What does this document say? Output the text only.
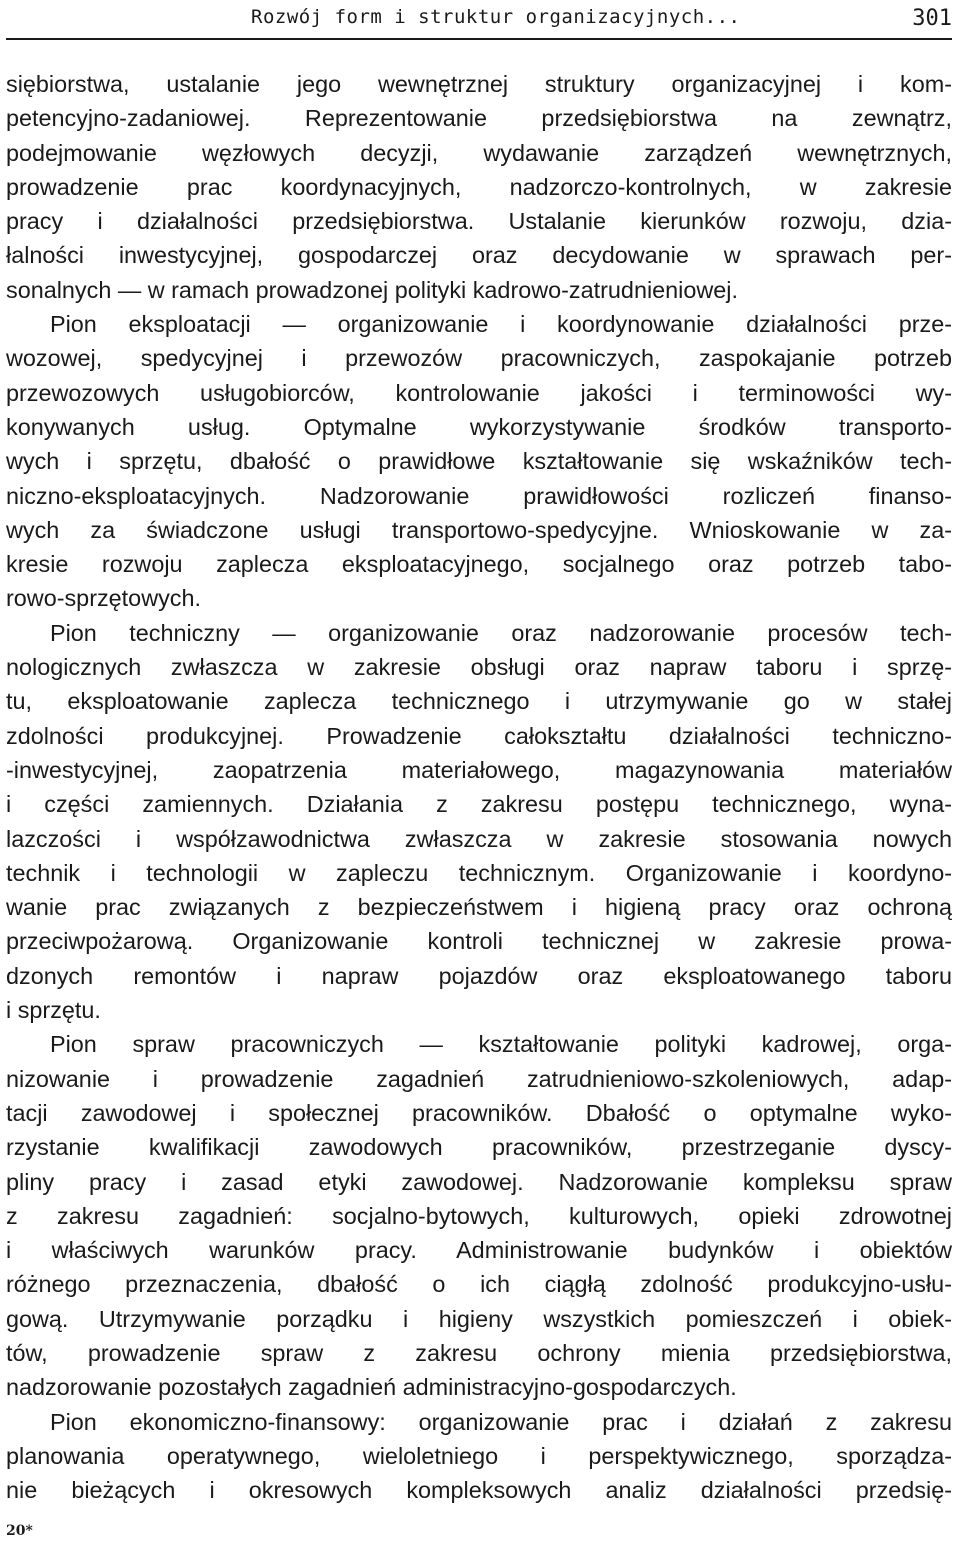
Rozwój form i struktur organizacyjnych...	301
siębiorstwa, ustalanie jego wewnętrznej struktury organizacyjnej i kom-
petencyjno-zadaniowej. Reprezentowanie przedsiębiorstwa na zewnątrz,
podejmowanie węzłowych decyzji, wydawanie zarządzeń wewnętrznych,
prowadzenie prac koordynacyjnych, nadzorczo-kontrolnych, w zakresie
pracy i działalności przedsiębiorstwa. Ustalanie kierunków rozwoju, dzia-
łalności inwestycyjnej, gospodarczej oraz decydowanie w sprawach per-
sonalnych — w ramach prowadzonej polityki kadrowo-zatrudnieniowej.
Pion eksploatacji — organizowanie i koordynowanie działalności prze-
wozowej, spedycyjnej i przewozów pracowniczych, zaspokajanie potrzeb
przewozowych usługobiorców, kontrolowanie jakości i terminowości wy-
konywanych usług. Optymalne wykorzystywanie środków transporto-
wych i sprzętu, dbałość o prawidłowe kształtowanie się wskaźników tech-
niczno-eksploatacyjnych. Nadzorowanie prawidłowości rozliczeń finanso-
wych za świadczone usługi transportowo-spedycyjne. Wnioskowanie w za-
kresie rozwoju zaplecza eksploatacyjnego, socjalnego oraz potrzeb tabo-
rowo-sprzętowych.
Pion techniczny — organizowanie oraz nadzorowanie procesów tech-
nologicznych zwłaszcza w zakresie obsługi oraz napraw taboru i sprzę-
tu, eksploatowanie zaplecza technicznego i utrzymywanie go w stałej
zdolności produkcyjnej. Prowadzenie całokształtu działalności techniczno-
-inwestycyjnej, zaopatrzenia materiałowego, magazynowania materiałów
i części zamiennych. Działania z zakresu postępu technicznego, wyna-
lazczości i współzawodnictwa zwłaszcza w zakresie stosowania nowych
technik i technologii w zapleczu technicznym. Organizowanie i koordyno-
wanie prac związanych z bezpieczeństwem i higieną pracy oraz ochroną
przeciwpożarową. Organizowanie kontroli technicznej w zakresie prowa-
dzonych remontów i napraw pojazdów oraz eksploatowanego taboru
i sprzętu.
Pion spraw pracowniczych — kształtowanie polityki kadrowej, orga-
nizowanie i prowadzenie zagadnień zatrudnieniowo-szkoleniowych, adap-
tacji zawodowej i społecznej pracowników. Dbałość o optymalne wyko-
rzystanie kwalifikacji zawodowych pracowników, przestrzeganie dyscy-
pliny pracy i zasad etyki zawodowej. Nadzorowanie kompleksu spraw
z zakresu zagadnień: socjalno-bytowych, kulturowych, opieki zdrowotnej
i właściwych warunków pracy. Administrowanie budynków i obiektów
różnego przeznaczenia, dbałość o ich ciągłą zdolność produkcyjno-usłu-
gową. Utrzymywanie porządku i higieny wszystkich pomieszczeń i obiek-
tów, prowadzenie spraw z zakresu ochrony mienia przedsiębiorstwa,
nadzorowanie pozostałych zagadnień administracyjno-gospodarczych.
Pion ekonomiczno-finansowy: organizowanie prac i działań z zakresu
planowania operatywnego, wieloletniego i perspektywicznego, sporządza-
nie bieżących i okresowych kompleksowych analiz działalności przedsię-
20*
